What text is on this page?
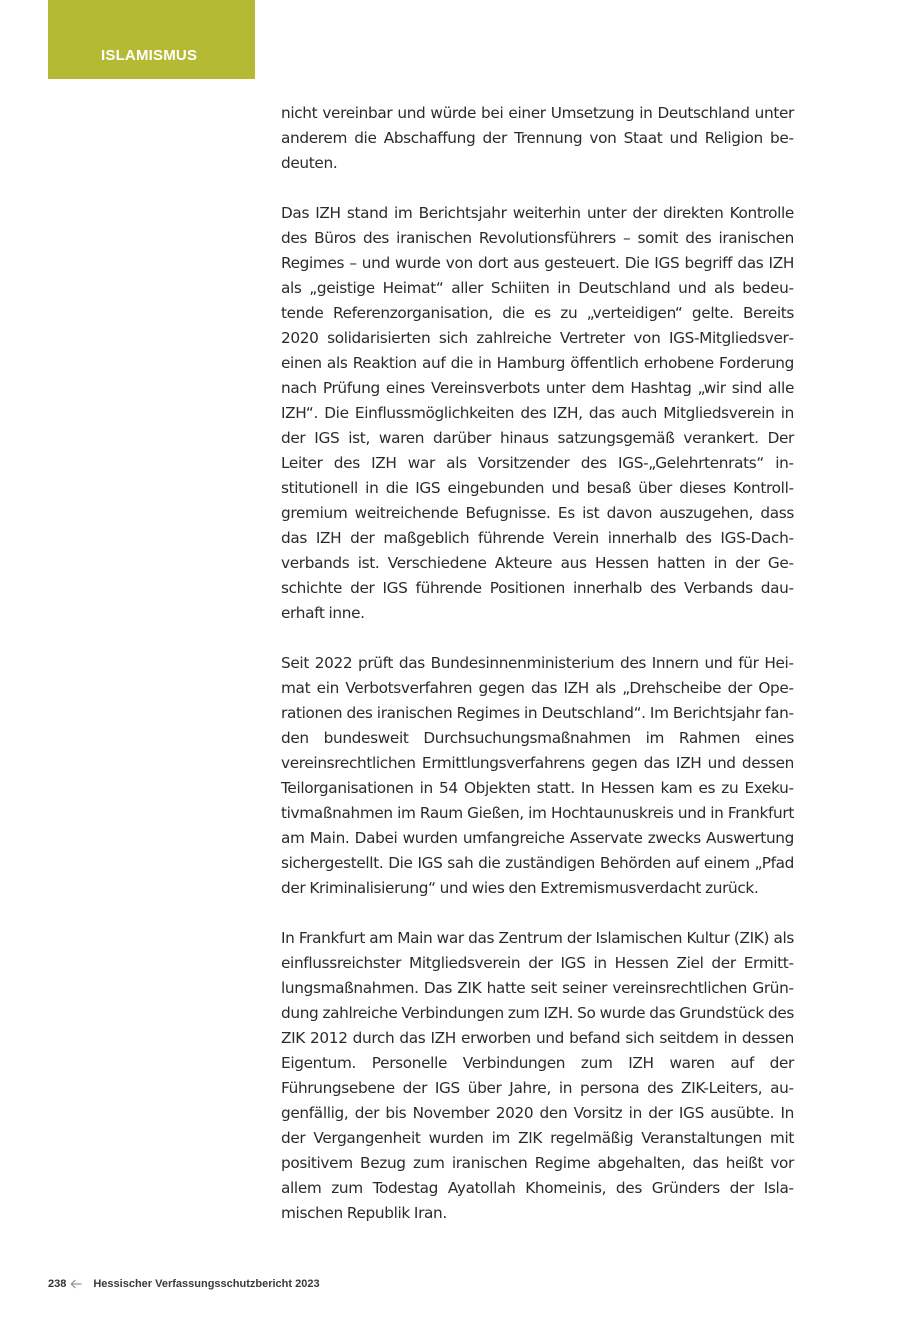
ISLAMISMUS

nicht vereinbar und würde bei einer Umsetzung in Deutschland unter anderem die Abschaffung der Trennung von Staat und Religion bedeuten.

Das IZH stand im Berichtsjahr weiterhin unter der direkten Kontrolle des Büros des iranischen Revolutionsführers – somit des iranischen Regimes – und wurde von dort aus gesteuert. Die IGS begriff das IZH als „geistige Heimat“ aller Schiiten in Deutschland und als bedeutende Referenzorganisation, die es zu „verteidigen“ gelte. Bereits 2020 solidarisierten sich zahlreiche Vertreter von IGS-Mitgliedsvereinen als Reaktion auf die in Hamburg öffentlich erhobene Forderung nach Prüfung eines Vereinsverbots unter dem Hashtag „wir sind alle IZH“. Die Einflussmöglichkeiten des IZH, das auch Mitgliedsverein in der IGS ist, waren darüber hinaus satzungsgemäß verankert. Der Leiter des IZH war als Vorsitzender des IGS-„Gelehrtenrats“ institutionell in die IGS eingebunden und besaß über dieses Kontrollgremium weitreichende Befugnisse. Es ist davon auszugehen, dass das IZH der maßgeblich führende Verein innerhalb des IGS-Dachverbands ist. Verschiedene Akteure aus Hessen hatten in der Geschichte der IGS führende Positionen innerhalb des Verbands dauerhaft inne.

Seit 2022 prüft das Bundesinnenministerium des Innern und für Heimat ein Verbotsverfahren gegen das IZH als „Drehscheibe der Operationen des iranischen Regimes in Deutschland“. Im Berichtsjahr fanden bundesweit Durchsuchungsmaßnahmen im Rahmen eines vereinsrechtlichen Ermittlungsverfahrens gegen das IZH und dessen Teilorganisationen in 54 Objekten statt. In Hessen kam es zu Exekutivmaßnahmen im Raum Gießen, im Hochtaunuskreis und in Frankfurt am Main. Dabei wurden umfangreiche Asservate zwecks Auswertung sichergestellt. Die IGS sah die zuständigen Behörden auf einem „Pfad der Kriminalisierung“ und wies den Extremismusverdacht zurück.

In Frankfurt am Main war das Zentrum der Islamischen Kultur (ZIK) als einflussreichster Mitgliedsverein der IGS in Hessen Ziel der Ermittlungsmaßnahmen. Das ZIK hatte seit seiner vereinsrechtlichen Gründung zahlreiche Verbindungen zum IZH. So wurde das Grundstück des ZIK 2012 durch das IZH erworben und befand sich seitdem in dessen Eigentum. Personelle Verbindungen zum IZH waren auf der Führungsebene der IGS über Jahre, in persona des ZIK-Leiters, augenfällig, der bis November 2020 den Vorsitz in der IGS ausübte. In der Vergangenheit wurden im ZIK regelmäßig Veranstaltungen mit positivem Bezug zum iranischen Regime abgehalten, das heißt vor allem zum Todestag Ayatollah Khomeinis, des Gründers der Islamischen Republik Iran.

238 Hessischer Verfassungsschutzbericht 2023
